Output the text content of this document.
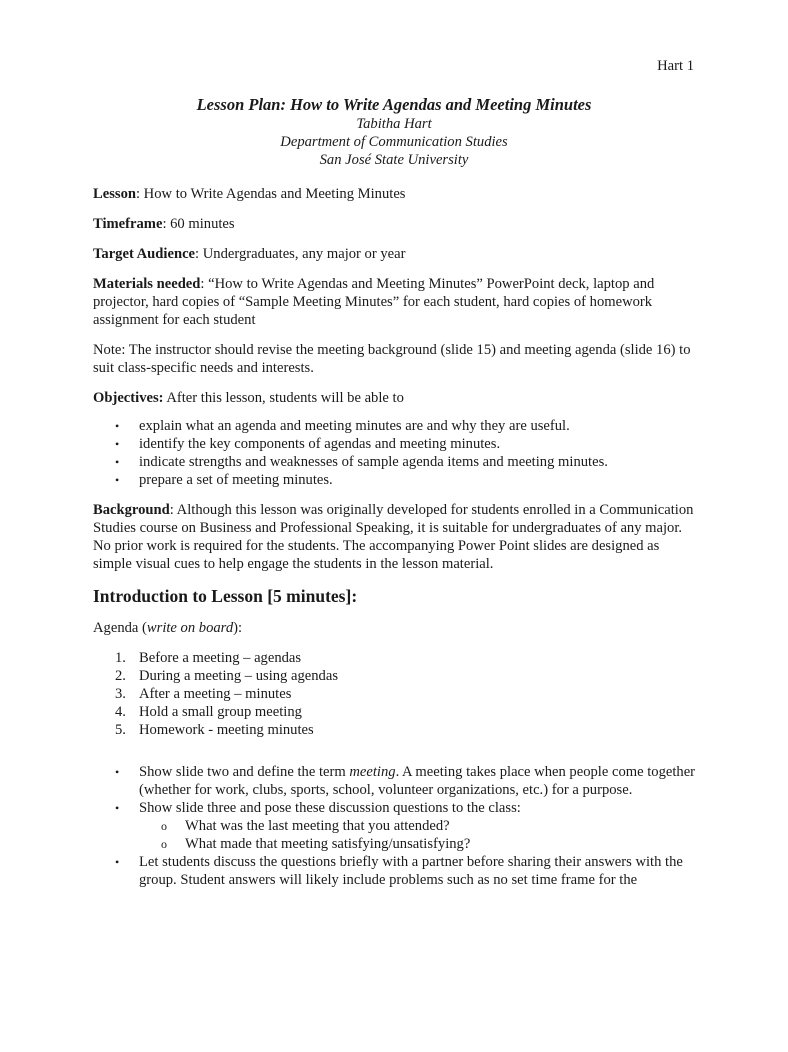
Hart 1
Lesson Plan: How to Write Agendas and Meeting Minutes
Tabitha Hart
Department of Communication Studies
San José State University

Lesson: How to Write Agendas and Meeting Minutes

Timeframe: 60 minutes

Target Audience: Undergraduates, any major or year

Materials needed: “How to Write Agendas and Meeting Minutes” PowerPoint deck, laptop and projector, hard copies of “Sample Meeting Minutes” for each student, hard copies of homework assignment for each student

Note: The instructor should revise the meeting background (slide 15) and meeting agenda (slide 16) to suit class-specific needs and interests.

Objectives: After this lesson, students will be able to

• explain what an agenda and meeting minutes are and why they are useful.
• identify the key components of agendas and meeting minutes.
• indicate strengths and weaknesses of sample agenda items and meeting minutes.
• prepare a set of meeting minutes.

Background: Although this lesson was originally developed for students enrolled in a Communication Studies course on Business and Professional Speaking, it is suitable for undergraduates of any major. No prior work is required for the students. The accompanying Power Point slides are designed as simple visual cues to help engage the students in the lesson material.

Introduction to Lesson [5 minutes]:

Agenda (write on board):

1. Before a meeting – agendas
2. During a meeting – using agendas
3. After a meeting – minutes
4. Hold a small group meeting
5. Homework - meeting minutes
• Show slide two and define the term meeting. A meeting takes place when people come together (whether for work, clubs, sports, school, volunteer organizations, etc.) for a purpose.
• Show slide three and pose these discussion questions to the class:
o What was the last meeting that you attended?
o What made that meeting satisfying/unsatisfying?
• Let students discuss the questions briefly with a partner before sharing their answers with the group. Student answers will likely include problems such as no set time frame for the
